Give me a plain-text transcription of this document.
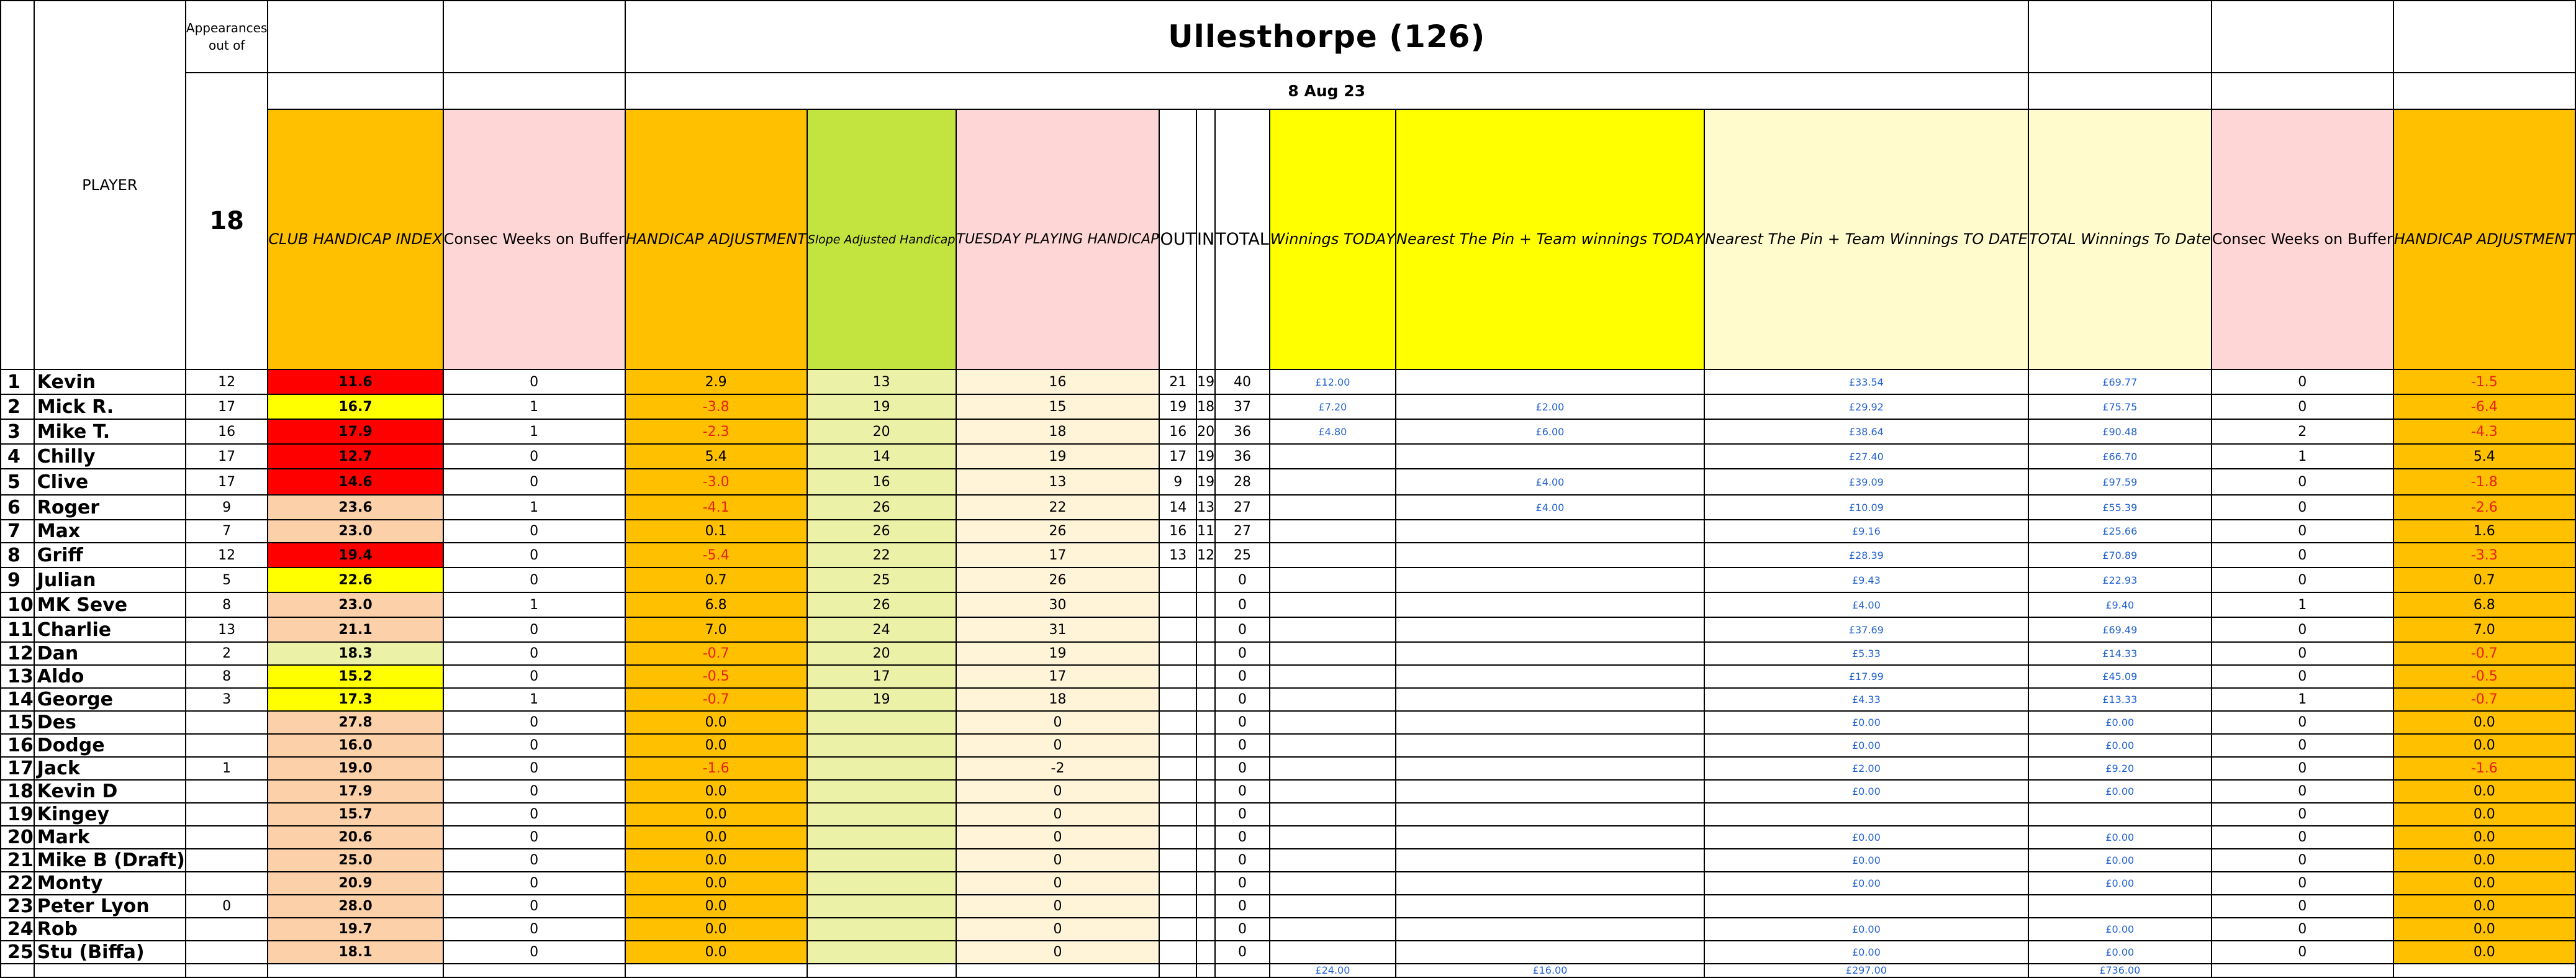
	PLAYER	Appearances out of			Ullesthorpe (126)											
		18			8 Aug 23											
			CLUB HANDICAP INDEX	Consec Weeks on Buffer	HANDICAP ADJUSTMENT	Slope Adjusted Handicap	TUESDAY PLAYING HANDICAP	OUT	IN	TOTAL	Winnings TODAY	Nearest The Pin + Team winnings TODAY	Nearest The Pin + Team Winnings TO DATE	TOTAL Winnings To Date	Consec Weeks on Buffer	HANDICAP ADJUSTMENT
1	Kevin	12	11.6	0	2.9	13	16	21	19	40	£12.00		£33.54	£69.77	0	-1.5
2	Mick R.	17	16.7	1	-3.8	19	15	19	18	37	£7.20	£2.00	£29.92	£75.75	0	-6.4
3	Mike T.	16	17.9	1	-2.3	20	18	16	20	36	£4.80	£6.00	£38.64	£90.48	2	-4.3
4	Chilly	17	12.7	0	5.4	14	19	17	19	36			£27.40	£66.70	1	5.4
5	Clive	17	14.6	0	-3.0	16	13	9	19	28		£4.00	£39.09	£97.59	0	-1.8
6	Roger	9	23.6	1	-4.1	26	22	14	13	27		£4.00	£10.09	£55.39	0	-2.6
7	Max	7	23.0	0	0.1	26	26	16	11	27			£9.16	£25.66	0	1.6
8	Griff	12	19.4	0	-5.4	22	17	13	12	25			£28.39	£70.89	0	-3.3
9	Julian	5	22.6	0	0.7	25	26			0			£9.43	£22.93	0	0.7
10	MK Seve	8	23.0	1	6.8	26	30			0			£4.00	£9.40	1	6.8
11	Charlie	13	21.1	0	7.0	24	31			0			£37.69	£69.49	0	7.0
12	Dan	2	18.3	0	-0.7	20	19			0			£5.33	£14.33	0	-0.7
13	Aldo	8	15.2	0	-0.5	17	17			0			£17.99	£45.09	0	-0.5
14	George	3	17.3	1	-0.7	19	18			0			£4.33	£13.33	1	-0.7
15	Des		27.8	0	0.0		0			0			£0.00	£0.00	0	0.0
16	Dodge		16.0	0	0.0		0			0			£0.00	£0.00	0	0.0
17	Jack	1	19.0	0	-1.6		-2			0			£2.00	£9.20	0	-1.6
18	Kevin D		17.9	0	0.0		0			0			£0.00	£0.00	0	0.0
19	Kingey		15.7	0	0.0		0			0					0	0.0
20	Mark		20.6	0	0.0		0			0			£0.00	£0.00	0	0.0
21	Mike B (Draft)		25.0	0	0.0		0			0			£0.00	£0.00	0	0.0
22	Monty		20.9	0	0.0		0			0			£0.00	£0.00	0	0.0
23	Peter Lyon	0	28.0	0	0.0		0			0					0	0.0
24	Rob		19.7	0	0.0		0			0			£0.00	£0.00	0	0.0
25	Stu (Biffa)		18.1	0	0.0		0			0			£0.00	£0.00	0	0.0
											£24.00	£16.00	£297.00	£736.00		
